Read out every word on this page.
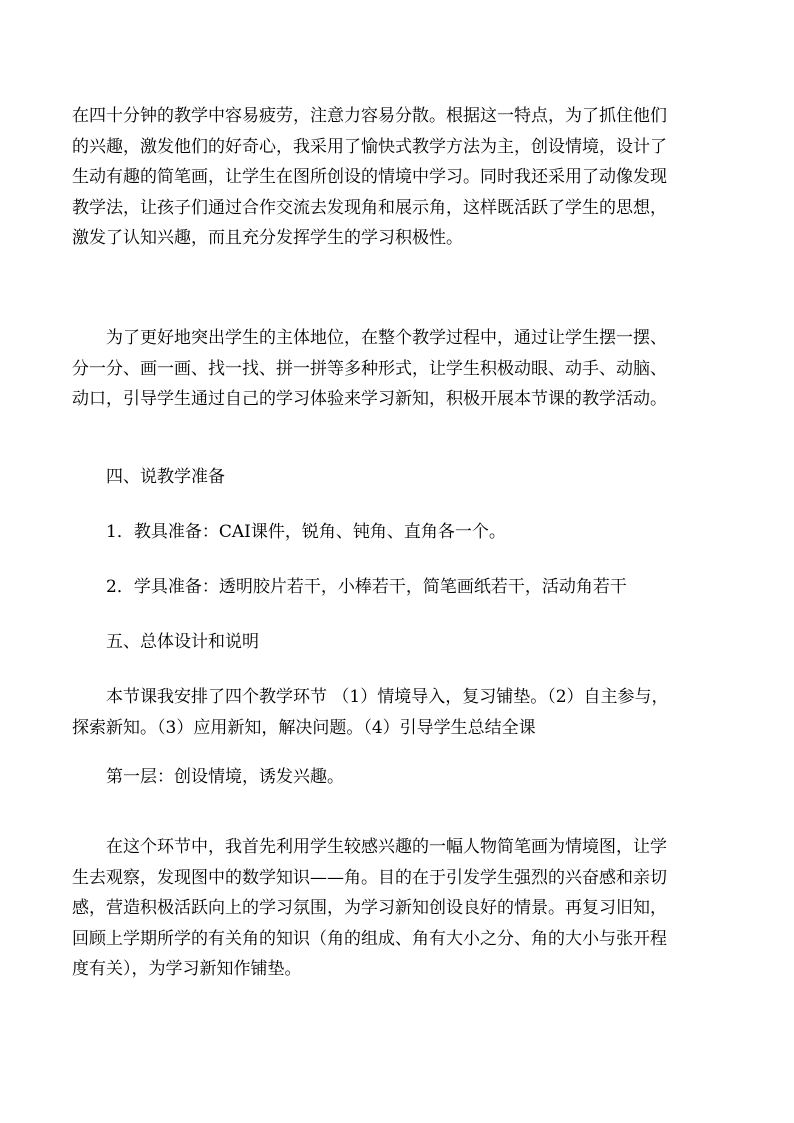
在四十分钟的教学中容易疲劳，注意力容易分散。根据这一特点，为了抓住他们
的兴趣，激发他们的好奇心，我采用了愉快式教学方法为主，创设情境，设计了
生动有趣的简笔画，让学生在图所创设的情境中学习。同时我还采用了动像发现
教学法，让孩子们通过合作交流去发现角和展示角，这样既活跃了学生的思想，
激发了认知兴趣，而且充分发挥学生的学习积极性。

　　为了更好地突出学生的主体地位，在整个教学过程中，通过让学生摆一摆、
分一分、画一画、找一找、拼一拼等多种形式，让学生积极动眼、动手、动脑、
动口，引导学生通过自己的学习体验来学习新知，积极开展本节课的教学活动。

　　四、说教学准备

　　1．教具准备：CAI课件，锐角、钝角、直角各一个。

　　2．学具准备：透明胶片若干，小棒若干，简笔画纸若干，活动角若干

　　五、总体设计和说明

　　本节课我安排了四个教学环节 （1）情境导入，复习铺垫。（2）自主参与，
探索新知。（3）应用新知，解决问题。（4）引导学生总结全课

　　第一层：创设情境，诱发兴趣。

　　在这个环节中，我首先利用学生较感兴趣的一幅人物简笔画为情境图，让学
生去观察，发现图中的数学知识——角。目的在于引发学生强烈的兴奋感和亲切
感，营造积极活跃向上的学习氛围，为学习新知创设良好的情景。再复习旧知，
回顾上学期所学的有关角的知识（角的组成、角有大小之分、角的大小与张开程
度有关），为学习新知作铺垫。
